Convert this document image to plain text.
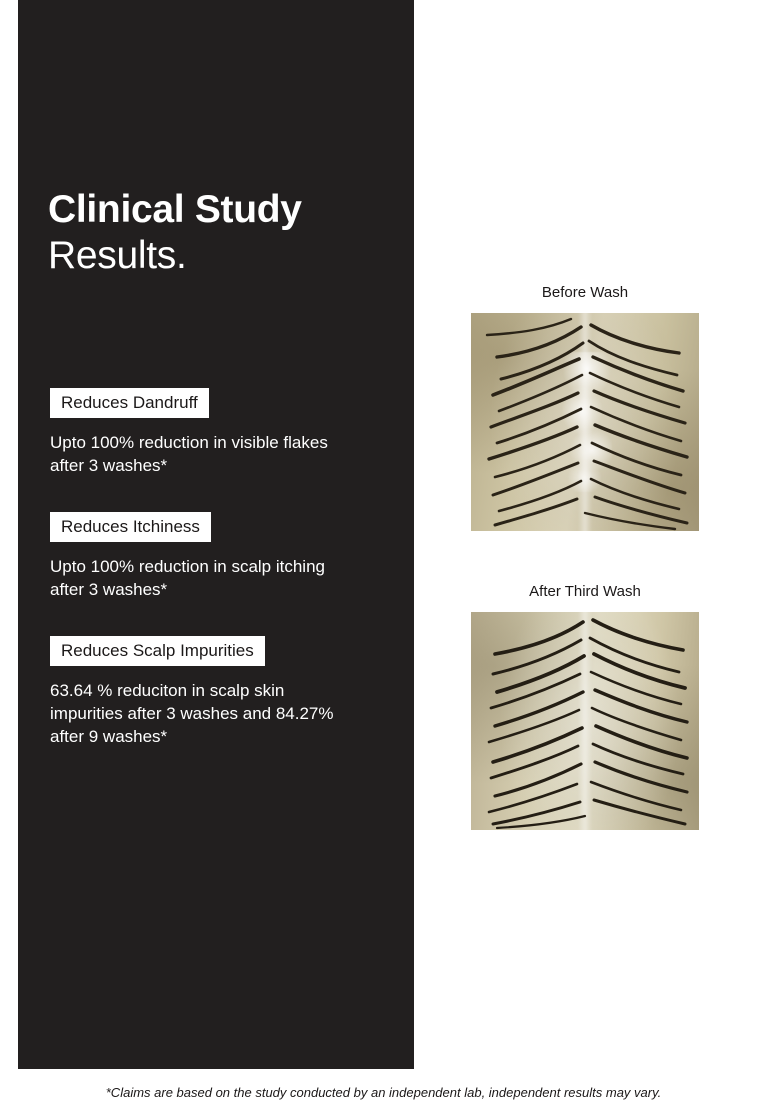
Clinical Study
Results.
Reduces Dandruff
Upto 100% reduction in visible flakes after 3 washes*
Reduces Itchiness
Upto 100% reduction in scalp itching after 3 washes*
Reduces Scalp Impurities
63.64 % reduciton in scalp skin impurities after 3 washes and 84.27% after 9 washes*
Before Wash
After Third Wash
*Claims are based on the study conducted by an independent lab, independent results may vary.
